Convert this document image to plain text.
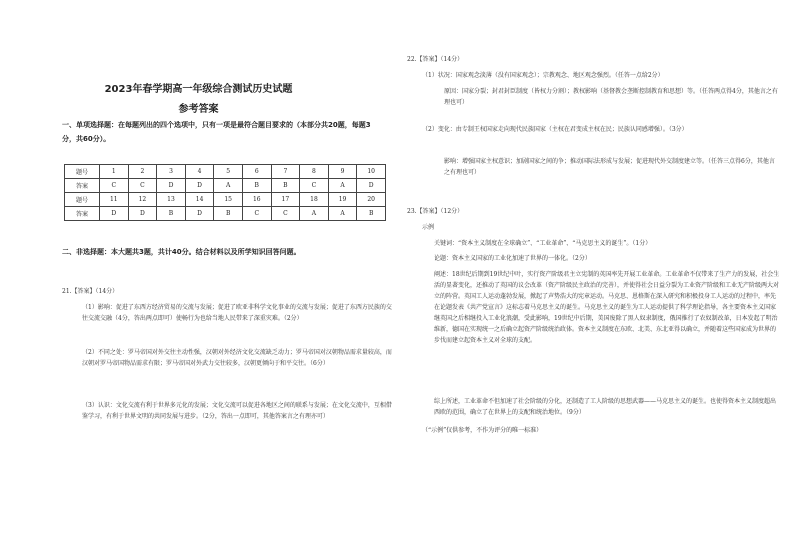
2023年春学期高一年级综合测试历史试题
参考答案
一、单项选择题：在每题列出的四个选项中，只有一项是最符合题目要求的（本部分共20题，每题3分，共60分）。
题号	1	2	3	4	5	6	7	8	9	10
答案	C	C	D	D	A	B	B	C	A	D
题号	11	12	13	14	15	16	17	18	19	20
答案	D	D	B	D	B	C	C	A	A	B
二、非选择题：本大题共3题，共计40分。结合材料以及所学知识回答问题。
21.【答案】（14分）
（1）影响：促进了东西方经济贸易的交流与发展；促进了欧亚非科学文化事业的交流与发展；促进了东西方民族的交往交流交融（4分，答出两点即可）使畅行为也给当地人民带来了深重灾难。（2分）
（2）不同之处：罗马帝国对外交往主动性强，汉朝对外经济文化交流缺乏动力；罗马帝国对汉朝物品需求量较高，而汉朝对罗马帝国物品需求有限；罗马帝国对外武力交往较多，汉朝更倾向于和平交往。（6分）
（3）认识：文化交流有利于世界多元化的发展；文化交流可以促进各地区之间的联系与发展；在文化交流中，互相借鉴学习，有利于世界文明的共同发展与进步。（2分，答出一点即可，其他答案言之有理亦可）
22.【答案】（14分）
（1）状况：国家观念淡薄（没有国家观念）；宗教观念、地区观念强烈。（任答一点给2分）
原因：国家分裂；封君封臣制度（皆权力分割）；教权影响（基督教会垄断控制教育和思想）等。（任答两点得4分，其他言之有理也可）
（2）变化：由专制王权国家走向现代民族国家（主权在君变成主权在民；民族认同感增强）。（3分）
影响：增强国家主权意识；加剧国家之间的争；推动国际法形成与发展；促进现代外交制度建立等。（任答三点得6分，其他言之有理也可）
23.【答案】（12分）
示例
关键词：“资本主义制度在全球确立”、“工业革命”、“马克思主义的诞生”。（1分）
论题：资本主义国家的工业化加速了世界的一体化。（2分）
阐述：18世纪后期到19世纪中叶，实行资产阶级君主立宪制的英国率先开展工业革命。工业革命不仅带来了生产力的发展，社会生活的显著变化，还推动了英国的议会改革（资产阶级民主政治的完善），并使得社会日益分裂为工业资产阶级和工业无产阶级两大对立的阵营。英国工人运动蓬勃发展，掀起了声势浩大的宪章运动。马克思、恩格斯在深入研究和积极投身工人运动的过程中，率先在论题发表《共产党宣言》这标志着马克思主义的诞生。马克思主义的诞生为工人运动提供了科学理论指导，各主要资本主义国家继英国之后相继投入工业化浪潮，受此影响，19世纪中后期，美国废除了黑人奴隶制度，俄国推行了农奴制改革，日本发起了明治维新，德国在实现统一之后确立起资产阶级统治政体。资本主义制度在东欧、北美、东北亚得以确立，并随着这些国家成为世界的步伐而建立起资本主义对全球的支配。
综上所述，工业革命不但加速了社会阶级的分化，还制造了工人阶级的思想武器——马克思主义的诞生。也使得资本主义制度超出西欧的范围，确立了在世界上的支配和统治地位。（9分）
（“示例”仅供参考，不作为评分的唯一标准）
